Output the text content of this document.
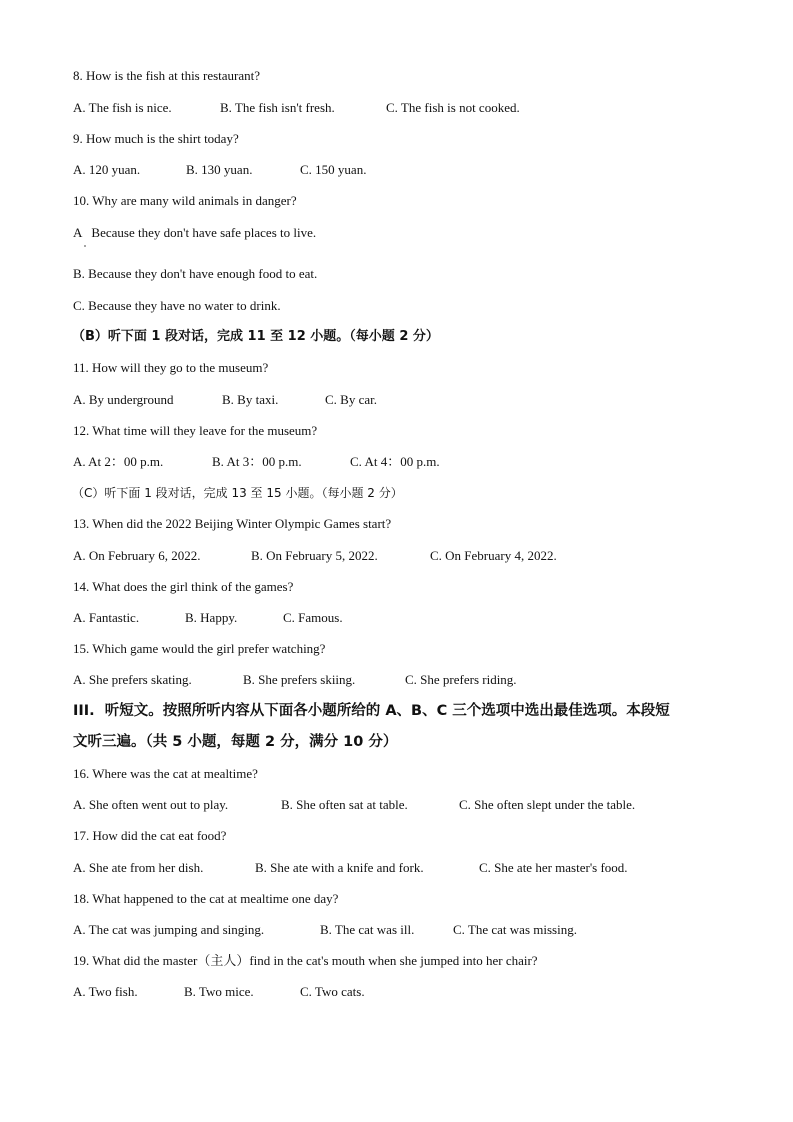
8. How is the fish at this restaurant?
A. The fish is nice.	B. The fish isn't fresh.	C. The fish is not cooked.
9. How much is the shirt today?
A. 120 yuan.	B. 130 yuan.	C. 150 yuan.
10. Why are many wild animals in danger?
A   Because they don't have safe places to live.
B. Because they don't have enough food to eat.
C. Because they have no water to drink.
（B）听下面 1 段对话，完成 11 至 12 小题。（每小题 2 分）
11. How will they go to the museum?
A. By underground	B. By taxi.	C. By car.
12. What time will they leave for the museum?
A. At 2：00 p.m.	B. At 3：00 p.m.	C. At 4：00 p.m.
（C）听下面 1 段对话，完成 13 至 15 小题。（每小题 2 分）
13. When did the 2022 Beijing Winter Olympic Games start?
A. On February 6, 2022.	B. On February 5, 2022.	C. On February 4, 2022.
14. What does the girl think of the games?
A. Fantastic.	B. Happy.	C. Famous.
15. Which game would the girl prefer watching?
A. She prefers skating.	B. She prefers skiing.	C. She prefers riding.
III.  听短文。按照所听内容从下面各小题所给的 A、B、C 三个选项中选出最佳选项。本段短
文听三遍。（共 5 小题，每题 2 分，满分 10 分）
16. Where was the cat at mealtime?
A. She often went out to play.	B. She often sat at table.	C. She often slept under the table.
17. How did the cat eat food?
A. She ate from her dish.	B. She ate with a knife and fork.	C. She ate her master's food.
18. What happened to the cat at mealtime one day?
A. The cat was jumping and singing.	B. The cat was ill.	C. The cat was missing.
19. What did the master（主人）find in the cat's mouth when she jumped into her chair?
A. Two fish.	B. Two mice.	C. Two cats.
